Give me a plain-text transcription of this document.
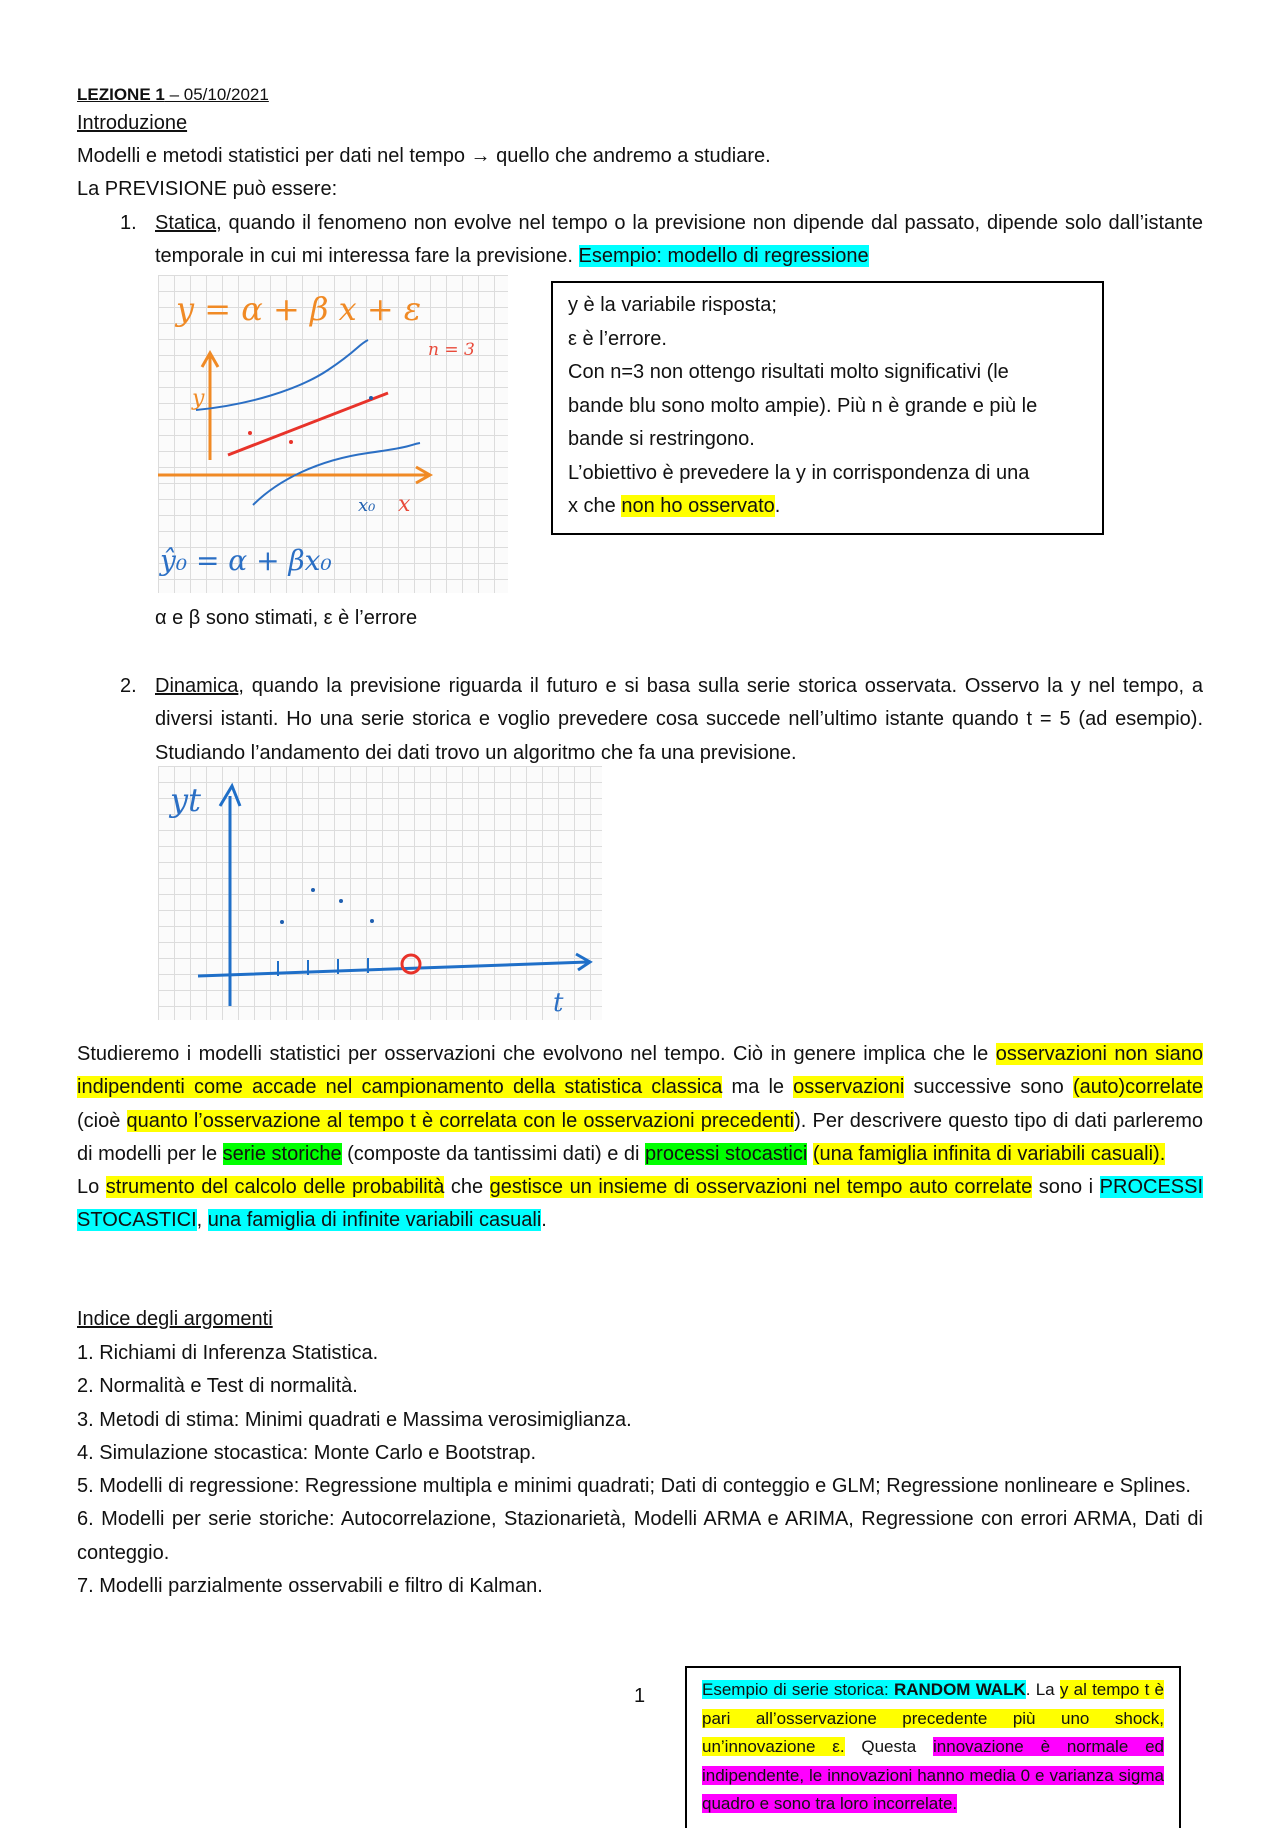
LEZIONE 1 – 05/10/2021
Introduzione
Modelli e metodi statistici per dati nel tempo → quello che andremo a studiare.
La PREVISIONE può essere:
1. Statica, quando il fenomeno non evolve nel tempo o la previsione non dipende dal passato, dipende solo dall’istante temporale in cui mi interessa fare la previsione. Esempio: modello di regressione
y = α + β x + ε
n = 3
y
x
x₀
ŷ₀ = α + βx₀
α e β sono stimati, ε è l’errore
y è la variabile risposta;
ε è l’errore.
Con n=3 non ottengo risultati molto significativi (le
bande blu sono molto ampie). Più n è grande e più le
bande si restringono.
L’obiettivo è prevedere la y in corrispondenza di una
x che non ho osservato.
2. Dinamica, quando la previsione riguarda il futuro e si basa sulla serie storica osservata. Osservo la y nel tempo, a diversi istanti. Ho una serie storica e voglio prevedere cosa succede nell’ultimo istante quando t = 5 (ad esempio). Studiando l’andamento dei dati trovo un algoritmo che fa una previsione.
yt
t
Studieremo i modelli statistici per osservazioni che evolvono nel tempo. Ciò in genere implica che le osservazioni non siano indipendenti come accade nel campionamento della statistica classica ma le osservazioni successive sono (auto)correlate (cioè quanto l’osservazione al tempo t è correlata con le osservazioni precedenti). Per descrivere questo tipo di dati parleremo di modelli per le serie storiche (composte da tantissimi dati) e di processi stocastici (una famiglia infinita di variabili casuali).
Lo strumento del calcolo delle probabilità che gestisce un insieme di osservazioni nel tempo auto correlate sono i PROCESSI STOCASTICI, una famiglia di infinite variabili casuali.
Indice degli argomenti
1. Richiami di Inferenza Statistica.
2. Normalità e Test di normalità.
3. Metodi di stima: Minimi quadrati e Massima verosimiglianza.
4. Simulazione stocastica: Monte Carlo e Bootstrap.
5. Modelli di regressione: Regressione multipla e minimi quadrati; Dati di conteggio e GLM; Regressione nonlineare e Splines.
6. Modelli per serie storiche: Autocorrelazione, Stazionarietà, Modelli ARMA e ARIMA, Regressione con errori ARMA, Dati di conteggio.
7. Modelli parzialmente osservabili e filtro di Kalman.
1	Esempio di serie storica: RANDOM WALK. La y al tempo t è pari all’osservazione precedente più uno shock, un’innovazione ε. Questa innovazione è normale ed indipendente, le innovazioni hanno media 0 e varianza sigma quadro e sono tra loro incorrelate.
